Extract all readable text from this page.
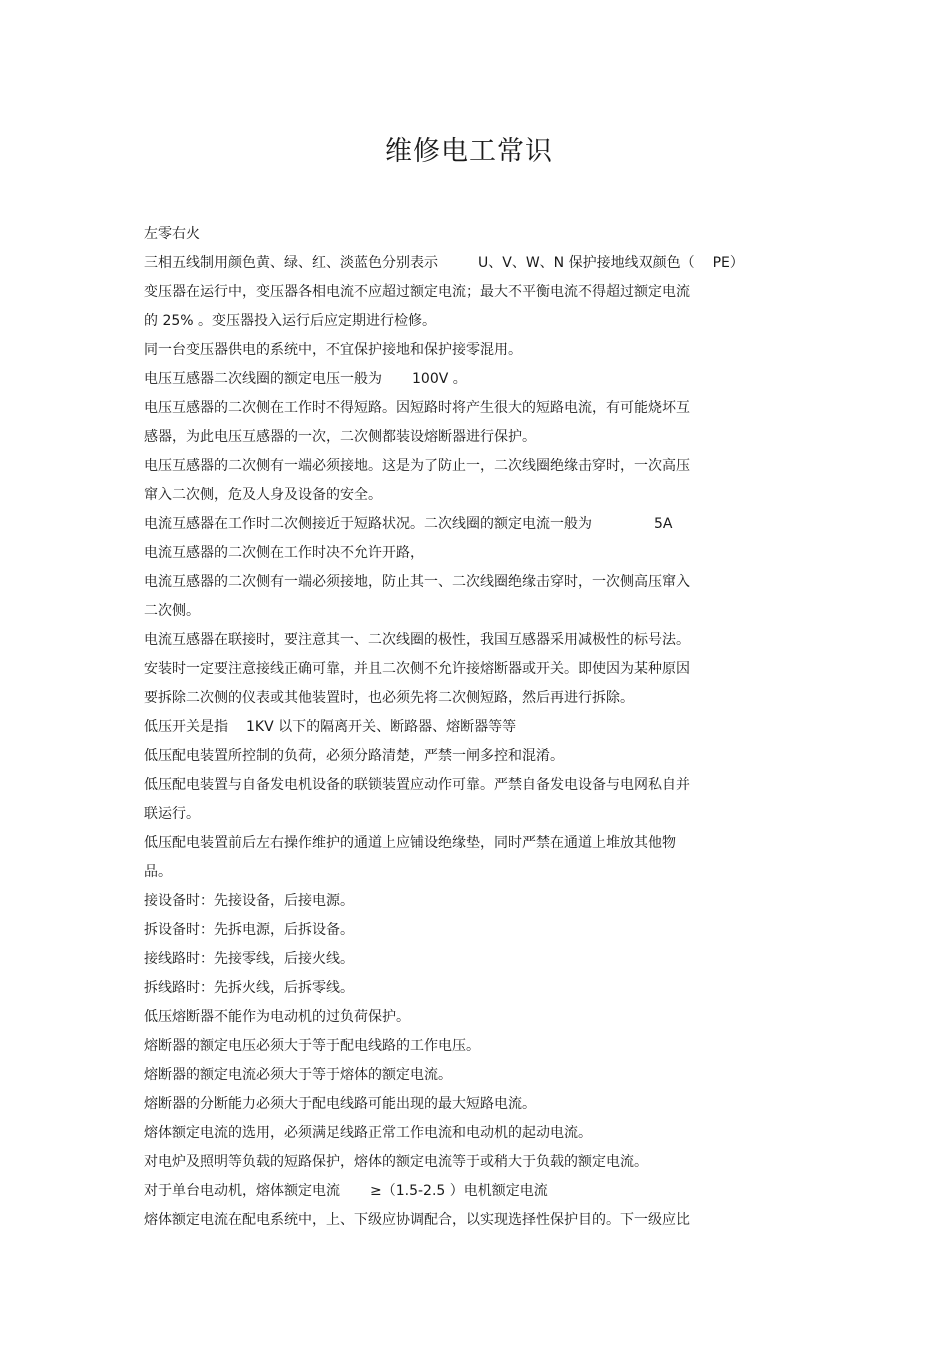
维修电工常识
左零右火
三相五线制用颜色黄、绿、红、淡蓝色分别表示	U、V、W、N 保护接地线双颜色（ PE）
变压器在运行中，变压器各相电流不应超过额定电流；最大不平衡电流不得超过额定电流
的 25% 。变压器投入运行后应定期进行检修。
同一台变压器供电的系统中，不宜保护接地和保护接零混用。
电压互感器二次线圈的额定电压一般为 100V 。
电压互感器的二次侧在工作时不得短路。因短路时将产生很大的短路电流，有可能烧坏互
感器，为此电压互感器的一次，二次侧都装设熔断器进行保护。
电压互感器的二次侧有一端必须接地。这是为了防止一，二次线圈绝缘击穿时，一次高压
窜入二次侧，危及人身及设备的安全。
电流互感器在工作时二次侧接近于短路状况。二次线圈的额定电流一般为	5A
电流互感器的二次侧在工作时决不允许开路，
电流互感器的二次侧有一端必须接地，防止其一、二次线圈绝缘击穿时，一次侧高压窜入
二次侧。
电流互感器在联接时，要注意其一、二次线圈的极性，我国互感器采用减极性的标号法。
安装时一定要注意接线正确可靠，并且二次侧不允许接熔断器或开关。即使因为某种原因
要拆除二次侧的仪表或其他装置时，也必须先将二次侧短路，然后再进行拆除。
低压开关是指 1KV 以下的隔离开关、断路器、熔断器等等
低压配电装置所控制的负荷，必须分路清楚，严禁一闸多控和混淆。
低压配电装置与自备发电机设备的联锁装置应动作可靠。严禁自备发电设备与电网私自并
联运行。
低压配电装置前后左右操作维护的通道上应铺设绝缘垫，同时严禁在通道上堆放其他物
品。
接设备时：先接设备，后接电源。
拆设备时：先拆电源，后拆设备。
接线路时：先接零线，后接火线。
拆线路时：先拆火线，后拆零线。
低压熔断器不能作为电动机的过负荷保护。
熔断器的额定电压必须大于等于配电线路的工作电压。
熔断器的额定电流必须大于等于熔体的额定电流。
熔断器的分断能力必须大于配电线路可能出现的最大短路电流。
熔体额定电流的选用，必须满足线路正常工作电流和电动机的起动电流。
对电炉及照明等负载的短路保护，熔体的额定电流等于或稍大于负载的额定电流。
对于单台电动机，熔体额定电流 ≥（1.5-2.5 ）电机额定电流
熔体额定电流在配电系统中，上、下级应协调配合，以实现选择性保护目的。下一级应比
